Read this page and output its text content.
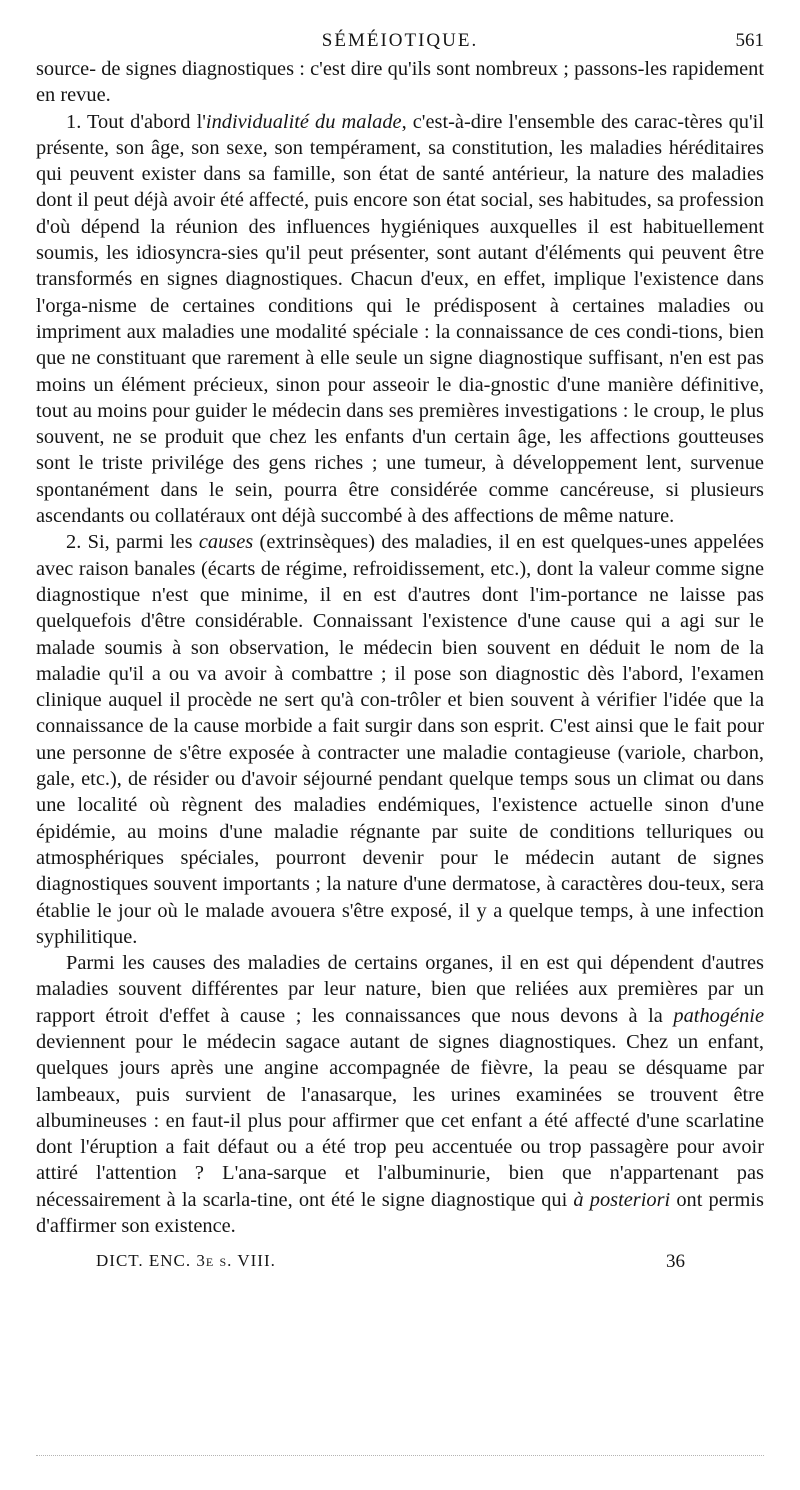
SÉMÉIOTIQUE.	561

source- de signes diagnostiques : c'est dire qu'ils sont nombreux ; passons-les rapidement en revue.

1. Tout d'abord l'individualité du malade, c'est-à-dire l'ensemble des carac-tères qu'il présente, son âge, son sexe, son tempérament, sa constitution, les maladies héréditaires qui peuvent exister dans sa famille, son état de santé antérieur, la nature des maladies dont il peut déjà avoir été affecté, puis encore son état social, ses habitudes, sa profession d'où dépend la réunion des influences hygiéniques auxquelles il est habituellement soumis, les idiosyncra-sies qu'il peut présenter, sont autant d'éléments qui peuvent être transformés en signes diagnostiques. Chacun d'eux, en effet, implique l'existence dans l'orga-nisme de certaines conditions qui le prédisposent à certaines maladies ou impriment aux maladies une modalité spéciale : la connaissance de ces condi-tions, bien que ne constituant que rarement à elle seule un signe diagnostique suffisant, n'en est pas moins un élément précieux, sinon pour asseoir le dia-gnostic d'une manière définitive, tout au moins pour guider le médecin dans ses premières investigations : le croup, le plus souvent, ne se produit que chez les enfants d'un certain âge, les affections goutteuses sont le triste privilége des gens riches ; une tumeur, à développement lent, survenue spontanément dans le sein, pourra être considérée comme cancéreuse, si plusieurs ascendants ou collatéraux ont déjà succombé à des affections de même nature.

2. Si, parmi les causes (extrinsèques) des maladies, il en est quelques-unes appelées avec raison banales (écarts de régime, refroidissement, etc.), dont la valeur comme signe diagnostique n'est que minime, il en est d'autres dont l'im-portance ne laisse pas quelquefois d'être considérable. Connaissant l'existence d'une cause qui a agi sur le malade soumis à son observation, le médecin bien souvent en déduit le nom de la maladie qu'il a ou va avoir à combattre ; il pose son diagnostic dès l'abord, l'examen clinique auquel il procède ne sert qu'à con-trôler et bien souvent à vérifier l'idée que la connaissance de la cause morbide a fait surgir dans son esprit. C'est ainsi que le fait pour une personne de s'être exposée à contracter une maladie contagieuse (variole, charbon, gale, etc.), de résider ou d'avoir séjourné pendant quelque temps sous un climat ou dans une localité où règnent des maladies endémiques, l'existence actuelle sinon d'une épidémie, au moins d'une maladie régnante par suite de conditions telluriques ou atmosphériques spéciales, pourront devenir pour le médecin autant de signes diagnostiques souvent importants ; la nature d'une dermatose, à caractères dou-teux, sera établie le jour où le malade avouera s'être exposé, il y a quelque temps, à une infection syphilitique.

Parmi les causes des maladies de certains organes, il en est qui dépendent d'autres maladies souvent différentes par leur nature, bien que reliées aux premières par un rapport étroit d'effet à cause ; les connaissances que nous devons à la pathogénie deviennent pour le médecin sagace autant de signes diagnostiques. Chez un enfant, quelques jours après une angine accompagnée de fièvre, la peau se désquame par lambeaux, puis survient de l'anasarque, les urines examinées se trouvent être albumineuses : en faut-il plus pour affirmer que cet enfant a été affecté d'une scarlatine dont l'éruption a fait défaut ou a été trop peu accentuée ou trop passagère pour avoir attiré l'attention ? L'ana-sarque et l'albuminurie, bien que n'appartenant pas nécessairement à la scarla-tine, ont été le signe diagnostique qui à posteriori ont permis d'affirmer son existence.

DICT. ENC. 3e s. VIII.	36
